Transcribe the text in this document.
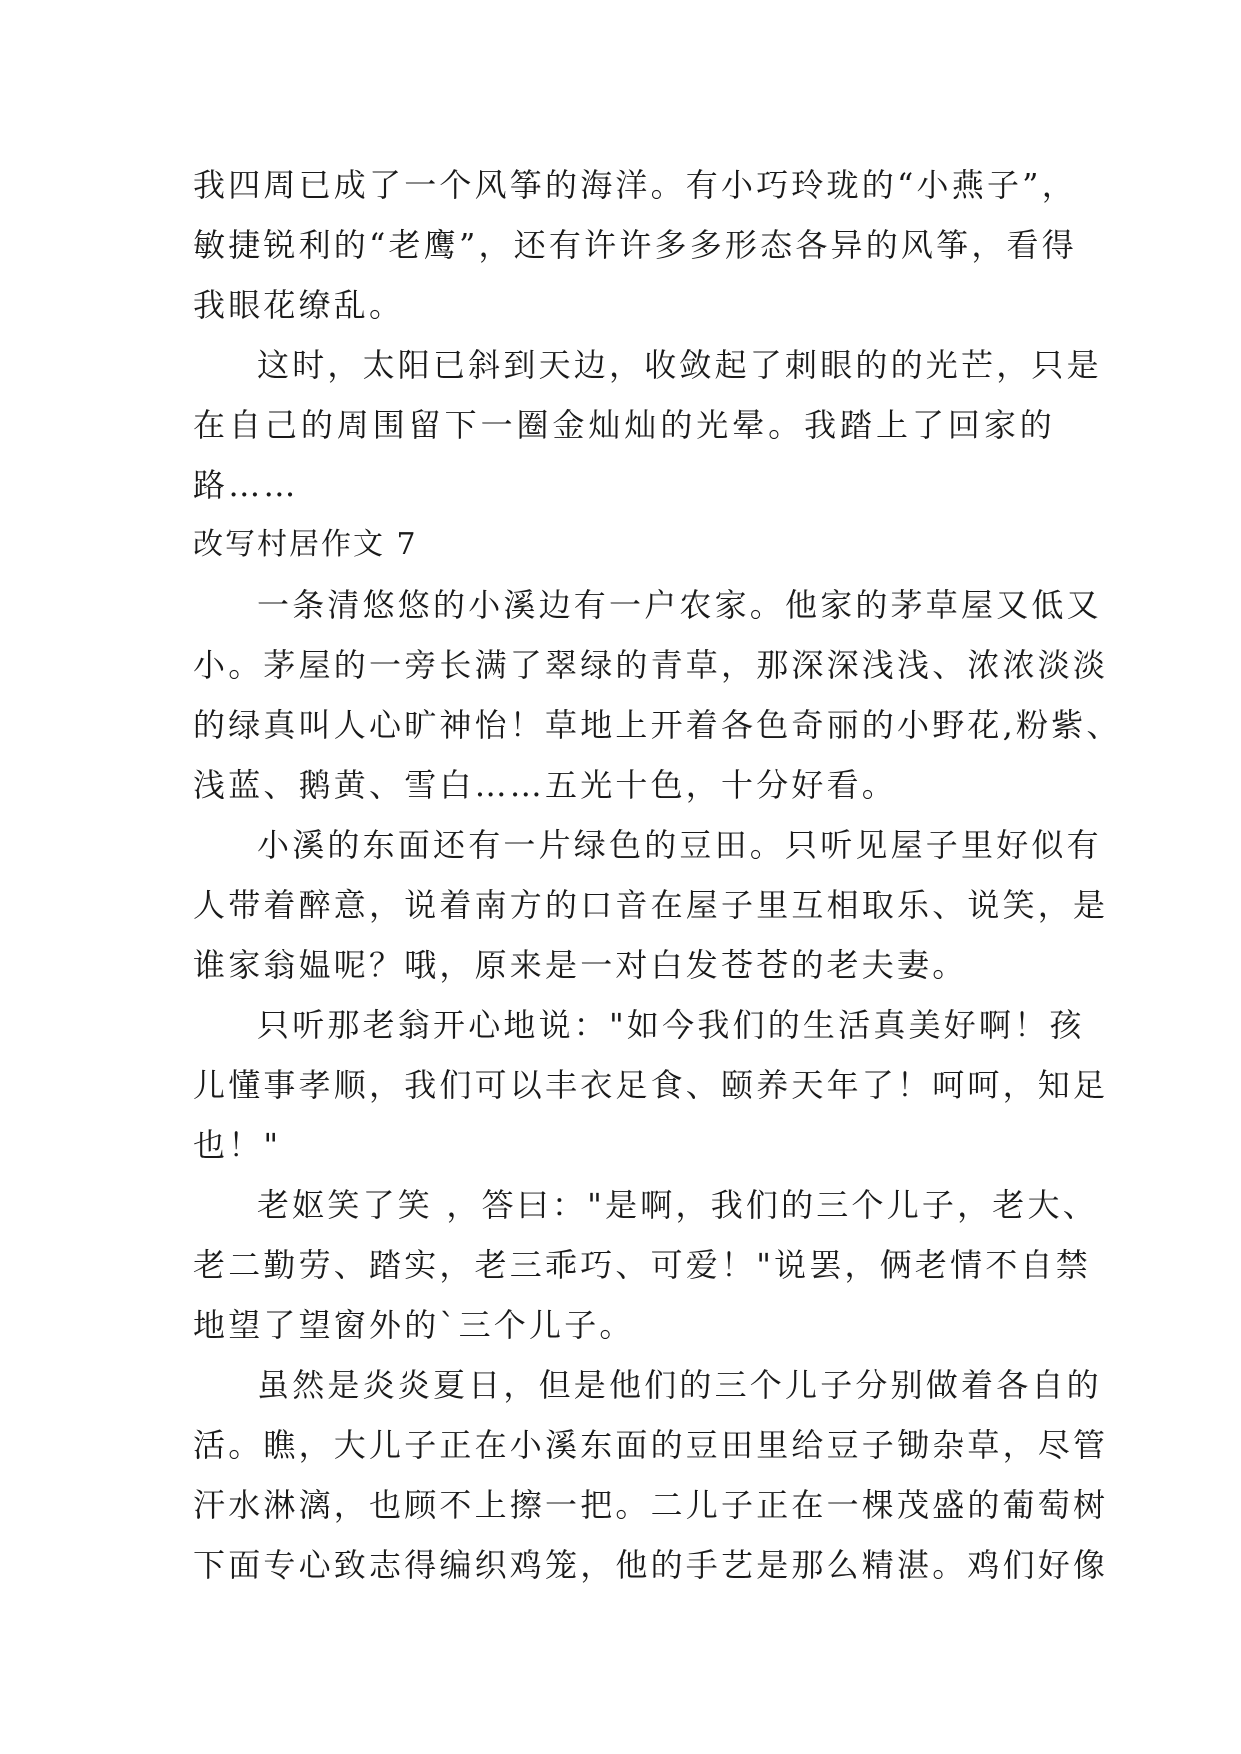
我四周已成了一个风筝的海洋。有小巧玲珑的“小燕子”，
敏捷锐利的“老鹰”，还有许许多多形态各异的风筝，看得
我眼花缭乱。
这时，太阳已斜到天边，收敛起了刺眼的的光芒，只是
在自己的周围留下一圈金灿灿的光晕。我踏上了回家的
路……
改写村居作文 7
一条清悠悠的小溪边有一户农家。他家的茅草屋又低又
小。茅屋的一旁长满了翠绿的青草，那深深浅浅、浓浓淡淡
的绿真叫人心旷神怡！草地上开着各色奇丽的小野花,粉紫、
浅蓝、鹅黄、雪白……五光十色，十分好看。
小溪的东面还有一片绿色的豆田。只听见屋子里好似有
人带着醉意，说着南方的口音在屋子里互相取乐、说笑，是
谁家翁媪呢？哦，原来是一对白发苍苍的老夫妻。
只听那老翁开心地说："如今我们的生活真美好啊！孩
儿懂事孝顺，我们可以丰衣足食、颐养天年了！呵呵，知足
也！"
老妪笑了笑 ，答曰："是啊，我们的三个儿子，老大、
老二勤劳、踏实，老三乖巧、可爱！"说罢，俩老情不自禁
地望了望窗外的`三个儿子。
虽然是炎炎夏日，但是他们的三个儿子分别做着各自的
活。瞧，大儿子正在小溪东面的豆田里给豆子锄杂草，尽管
汗水淋漓，也顾不上擦一把。二儿子正在一棵茂盛的葡萄树
下面专心致志得编织鸡笼，他的手艺是那么精湛。鸡们好像
